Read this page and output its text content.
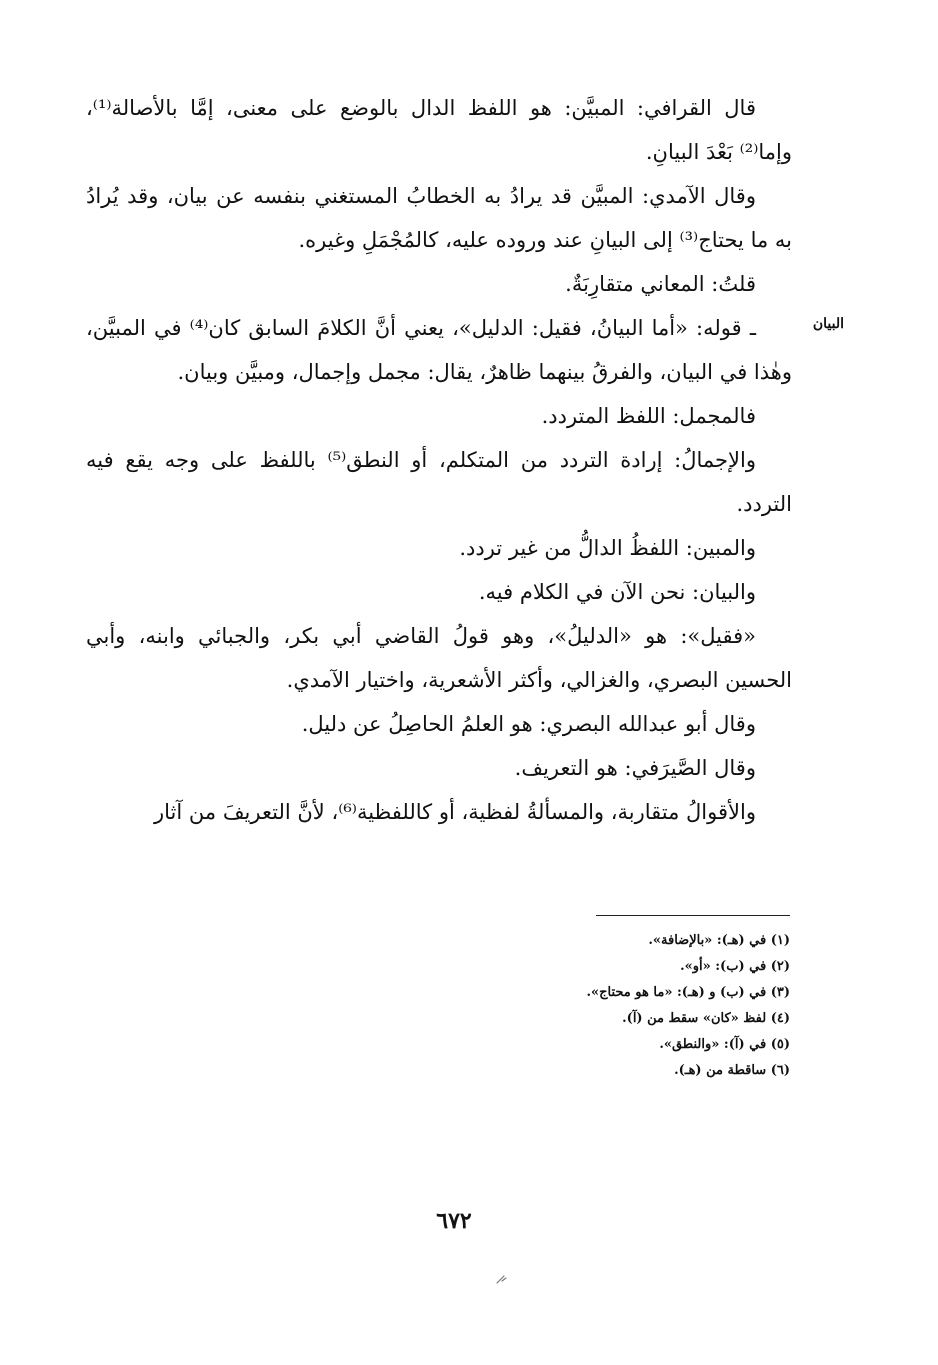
البيان

قال القرافي: المبيَّن: هو اللفظ الدال بالوضع على معنى، إمَّا بالأصالة⁽¹⁾، وإما⁽²⁾ بَعْدَ البيانِ.

وقال الآمدي: المبيَّن قد يرادُ به الخطابُ المستغني بنفسه عن بيان، وقد يُرادُ به ما يحتاج⁽³⁾ إلى البيانِ عند وروده عليه، كالمُجْمَلِ وغيره.

قلتُ: المعاني متقارِبَةٌ.

ـ قوله: «أما البيانُ، فقيل: الدليل»، يعني أنَّ الكلامَ السابق كان⁽⁴⁾ في المبيَّن، وهٰذا في البيان، والفرقُ بينهما ظاهرٌ، يقال: مجمل وإجمال، ومبيَّن وبيان.

فالمجمل: اللفظ المتردد.

والإجمالُ: إرادة التردد من المتكلم، أو النطق⁽⁵⁾ باللفظ على وجه يقع فيه التردد.

والمبين: اللفظُ الدالُّ من غير تردد.

والبيان: نحن الآن في الكلام فيه.

«فقيل»: هو «الدليلُ»، وهو قولُ القاضي أبي بكر، والجبائي وابنه، وأبي الحسين البصري، والغزالي، وأكثر الأشعرية، واختيار الآمدي.

وقال أبو عبدالله البصري: هو العلمُ الحاصِلُ عن دليل.

وقال الصَّيرَفي: هو التعريف.

والأقوالُ متقاربة، والمسألةُ لفظية، أو كاللفظية⁽⁶⁾، لأنَّ التعريفَ من آثار

(١) في (هـ): «بالإضافة».

(٢) في (ب): «أو».

(٣) في (ب) و (هـ): «ما هو محتاج».

(٤) لفظ «كان» سقط من (آ).

(٥) في (آ): «والنطق».

(٦) ساقطة من (هـ).

٦٧٢
